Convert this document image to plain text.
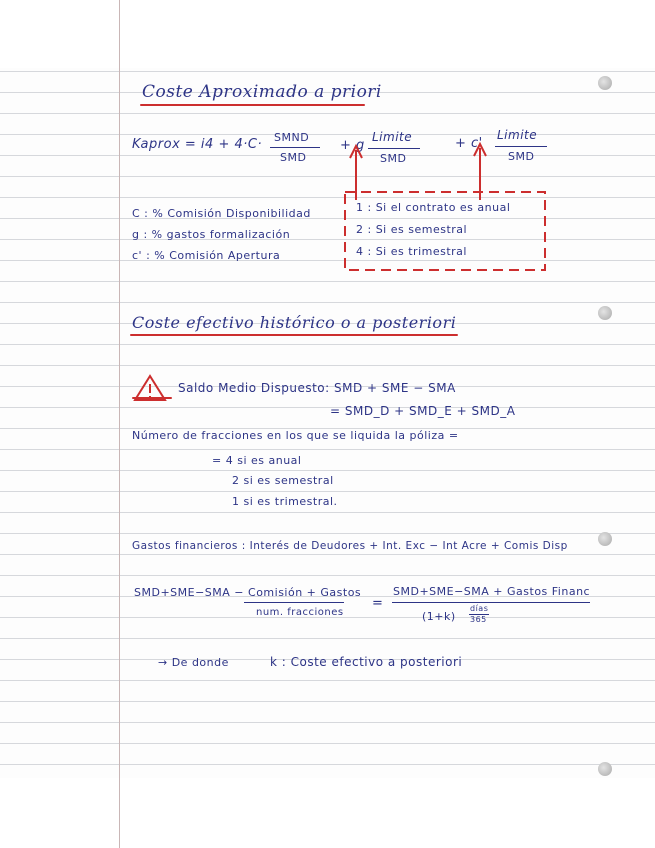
Coste Aproximado a priori
Kaprox = i4 + 4·C· SMND
SMD
+ g
Limite
SMD
+ c'
Limite
SMD
C : % Comisión Disponibilidad
g : % gastos formalización
c' : % Comisión Apertura
1 : Si el contrato es anual
2 : Si es semestral
4 : Si es trimestral
Coste efectivo histórico o a posteriori
Saldo Medio Dispuesto: SMD + SME − SMA
= SMD_D + SMD_E + SMD_A
Número de fracciones en los que se liquida la póliza =
= 4 si es anual
2 si es semestral
1 si es trimestral.
Gastos financieros : Interés de Deudores + Int. Exc − Int Acre + Comis Disp
SMD+SME−SMA − Comisión + Gastos
num. fracciones
=
SMD+SME−SMA + Gastos Financ
(1+k)
días
365
→ De donde	k : Coste efectivo a posteriori
